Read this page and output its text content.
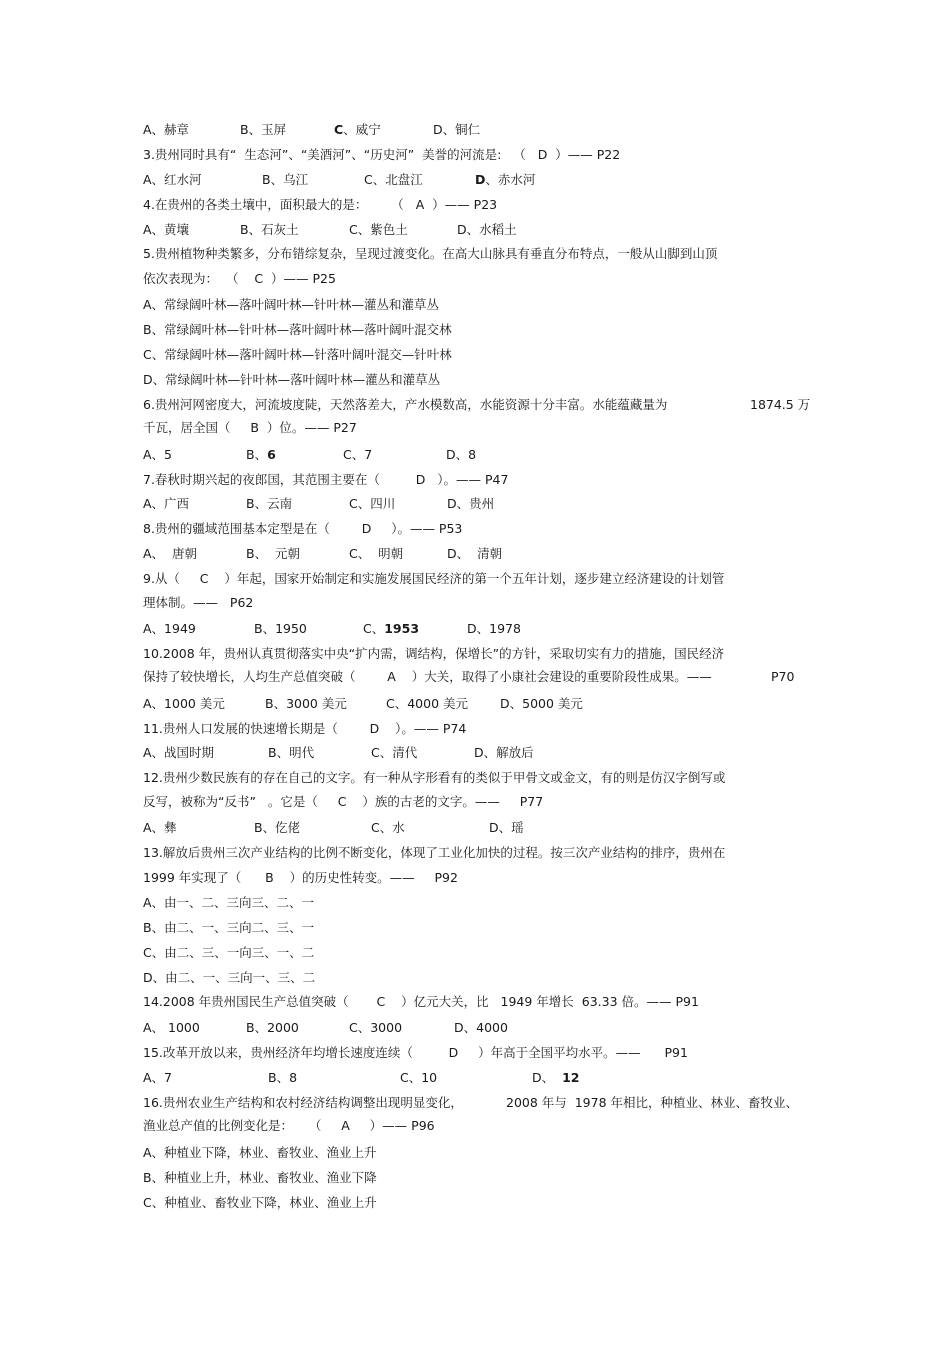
A、赫章	B、玉屏	C、威宁	D、铜仁
3.贵州同时具有“  生态河”、“美酒河”、“历史河”  美誉的河流是:   （   D  ）—— P22
A、红水河	B、乌江	C、北盘江	D、赤水河
4.在贵州的各类土壤中，面积最大的是：      （   A  ）—— P23
A、黄壤	B、石灰土	C、紫色土	D、水稻土
5.贵州植物种类繁多，分布错综复杂，呈现过渡变化。在高大山脉具有垂直分布特点，一般从山脚到山顶
依次表现为：  （    C  ）—— P25
A、常绿阔叶林—落叶阔叶林—针叶林—灌丛和灌草丛
B、常绿阔叶林—针叶林—落叶阔叶林—落叶阔叶混交林
C、常绿阔叶林—落叶阔叶林—针落叶阔叶混交—针叶林
D、常绿阔叶林—针叶林—落叶阔叶林—灌丛和灌草丛
6.贵州河网密度大，河流坡度陡，天然落差大，产水模数高，水能资源十分丰富。水能蕴藏量为	1874.5 万
千瓦，居全国（     B  ）位。—— P27
A、5	B、6	C、7	D、8
7.春秋时期兴起的夜郎国，其范围主要在（         D   ）。—— P47
A、广西	B、云南	C、四川	D、贵州
8.贵州的疆域范围基本定型是在（        D     ）。—— P53
A、  唐朝	B、  元朝	C、  明朝	D、  清朝
9.从（     C    ）年起，国家开始制定和实施发展国民经济的第一个五年计划，逐步建立经济建设的计划管
理体制。——   P62
A、1949	B、1950	C、1953	D、1978
10.2008 年，贵州认真贯彻落实中央“扩内需，调结构，保增长”的方针，采取切实有力的措施，国民经济
保持了较快增长，人均生产总值突破（        A    ）大关，取得了小康社会建设的重要阶段性成果。——	P70
A、1000 美元	B、3000 美元	C、4000 美元	D、5000 美元
11.贵州人口发展的快速增长期是（        D    ）。—— P74
A、战国时期	B、明代	C、清代	D、解放后
12.贵州少数民族有的存在自己的文字。有一种从字形看有的类似于甲骨文或金文，有的则是仿汉字倒写或
反写，被称为“反书”   。它是（     C    ）族的古老的文字。——     P77
A、彝	B、仡佬	C、水	D、瑶
13.解放后贵州三次产业结构的比例不断变化，体现了工业化加快的过程。按三次产业结构的排序，贵州在
1999 年实现了（      B    ）的历史性转变。——     P92
A、由一、二、三向三、二、一
B、由二、一、三向二、三、一
C、由二、三、一向三、一、二
D、由二、一、三向一、三、二
14.2008 年贵州国民生产总值突破（       C    ）亿元大关，比   1949 年增长  63.33 倍。—— P91
A、 1000	B、2000	C、3000	D、4000
15.改革开放以来，贵州经济年均增长速度连续（         D     ）年高于全国平均水平。——      P91
A、7	B、8	C、10	D、  12
16.贵州农业生产结构和农村经济结构调整出现明显变化，	2008 年与  1978 年相比，种植业、林业、畜牧业、
渔业总产值的比例变化是：    （     A     ）—— P96
A、种植业下降，林业、畜牧业、渔业上升
B、种植业上升，林业、畜牧业、渔业下降
C、种植业、畜牧业下降，林业、渔业上升
